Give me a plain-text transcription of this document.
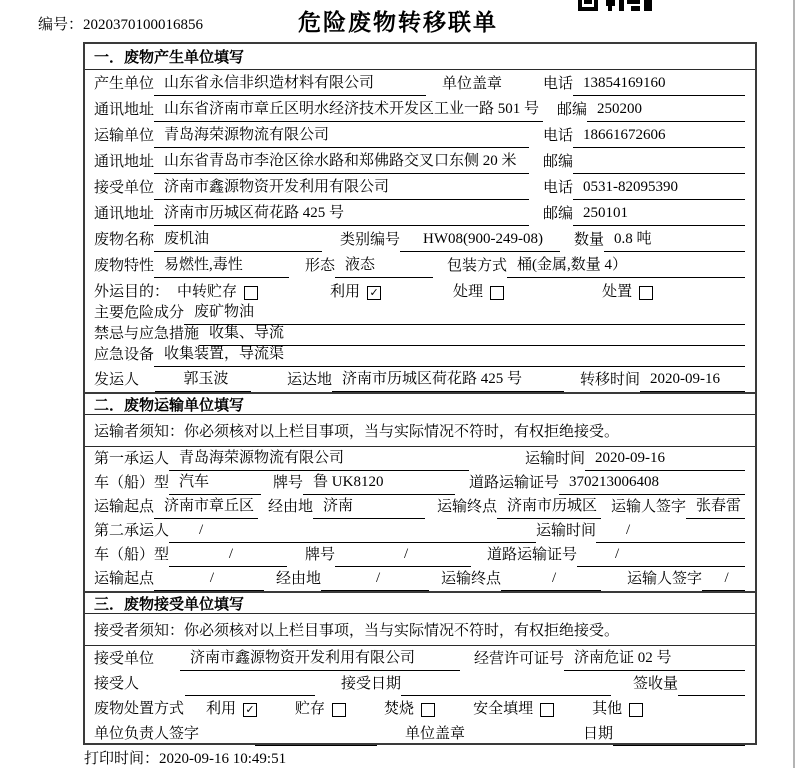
编号：2020370100016856	危险废物转移联单
一．废物产生单位填写
产生单位 山东省永信非织造材料有限公司	单位盖章	电话 13854169160
通讯地址 山东省济南市章丘区明水经济技术开发区工业一路 501 号 邮编 250200
运输单位 青岛海荣源物流有限公司	电话 18661672606
通讯地址 山东省青岛市李沧区徐水路和郑佛路交叉口东侧 20 米	邮编
接受单位 济南市鑫源物资开发利用有限公司	电话 0531-82095390
通讯地址 济南市历城区荷花路 425 号	邮编 250101
废物名称 废机油	类别编号	HW08(900-249-08)	数量 0.8 吨
废物特性 易燃性,毒性	形态 液态	包装方式 桶(金属,数量 4）
外运目的： 中转贮存	利用 ✓	处理	处置
主要危险成分 废矿物油
禁忌与应急措施 收集、导流
应急设备 收集装置，导流渠
发运人	郭玉波	运达地 济南市历城区荷花路 425 号	转移时间 2020-09-16
二．废物运输单位填写
运输者须知：你必须核对以上栏目事项，当与实际情况不符时，有权拒绝接受。
第一承运人 青岛海荣源物流有限公司	运输时间 2020-09-16
车（船）型 汽车	牌号 鲁 UK8120	道路运输证号 370213006408
运输起点 济南市章丘区 经由地 济南	运输终点 济南市历城区 运输人签字 张春雷
第二承运人	/	运输时间	/
车（船）型	/	牌号	/	道路运输证号	/
运输起点	/	经由地	/	运输终点	/	运输人签字	/
三．废物接受单位填写
接受者须知：你必须核对以上栏目事项，当与实际情况不符时，有权拒绝接受。
接受单位	济南市鑫源物资开发利用有限公司	经营许可证号 济南危证 02 号
接受人	接受日期	签收量
废物处置方式 利用 ✓	贮存	焚烧	安全填埋	其他
单位负责人签字	单位盖章	日期
打印时间：2020-09-16 10:49:51
